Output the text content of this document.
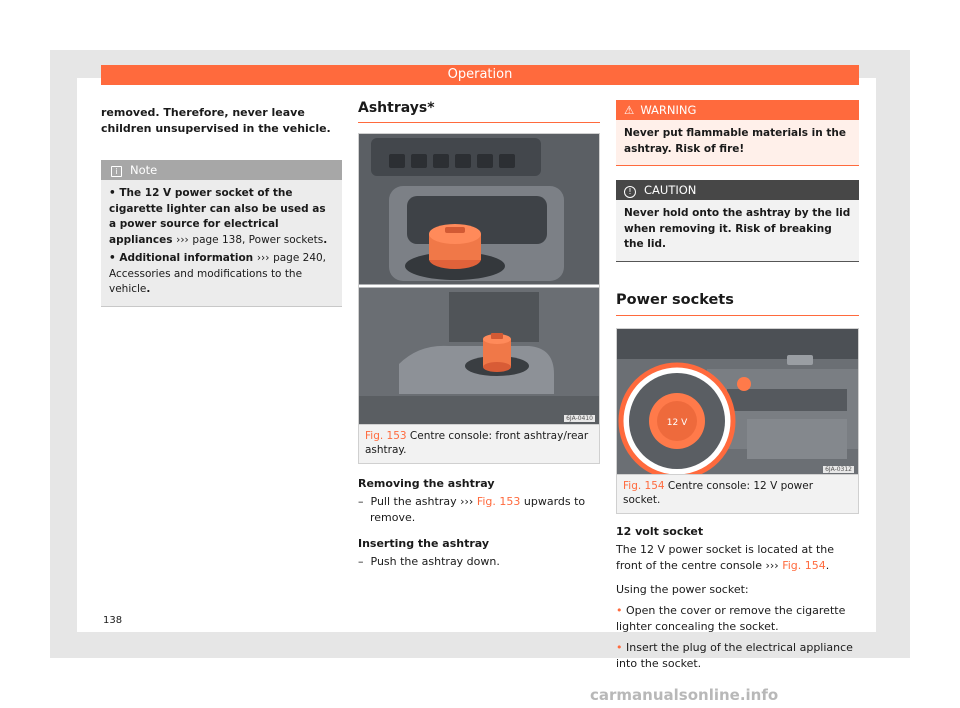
Operation

removed. Therefore, never leave children unsupervised in the vehicle.

i Note
• The 12 V power socket of the cigarette lighter can also be used as a power source for electrical appliances ››› page 138, Power sockets.
• Additional information ››› page 240, Accessories and modifications to the vehicle.
Ashtrays*
6JA-0410
Fig. 153 Centre console: front ashtray/rear ashtray.

Removing the ashtray

– Pull the ashtray ››› Fig. 153 upwards to remove.

Inserting the ashtray

– Push the ashtray down.
⚠ WARNING
Never put flammable materials in the ashtray. Risk of fire!
! CAUTION
Never hold onto the ashtray by the lid when removing it. Risk of breaking the lid.
Power sockets
12 V
6JA-0312
Fig. 154 Centre console: 12 V power socket.

12 volt socket

The 12 V power socket is located at the front of the centre console ››› Fig. 154.

Using the power socket:

• Open the cover or remove the cigarette lighter concealing the socket.

• Insert the plug of the electrical appliance into the socket.

138
carmanualsonline.info
